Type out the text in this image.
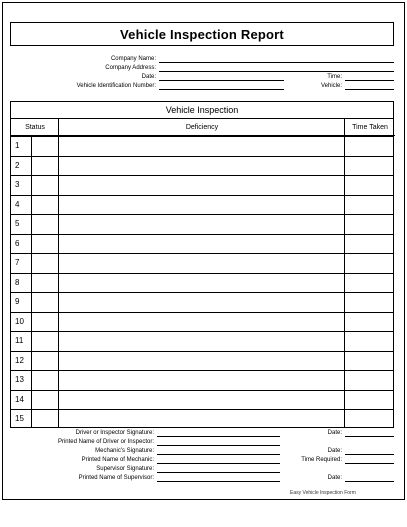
Vehicle Inspection Report
Company Name:
Company Address:
Date:	Time:
Vehicle Identification Number:	Vehicle:
Vehicle Inspection
Status	Deficiency	Time Taken
1
2
3
4
5
6
7
8
9
10
11
12
13
14
15
Driver or Inspector Signature:	Date:
Printed Name of Driver or Inspector:
Mechanic's Signature:	Date:
Printed Name of Mechanic:	Time Required:
Supervisor Signature:
Printed Name of Supervisor:	Date:
Easy Vehicle Inspection Form
